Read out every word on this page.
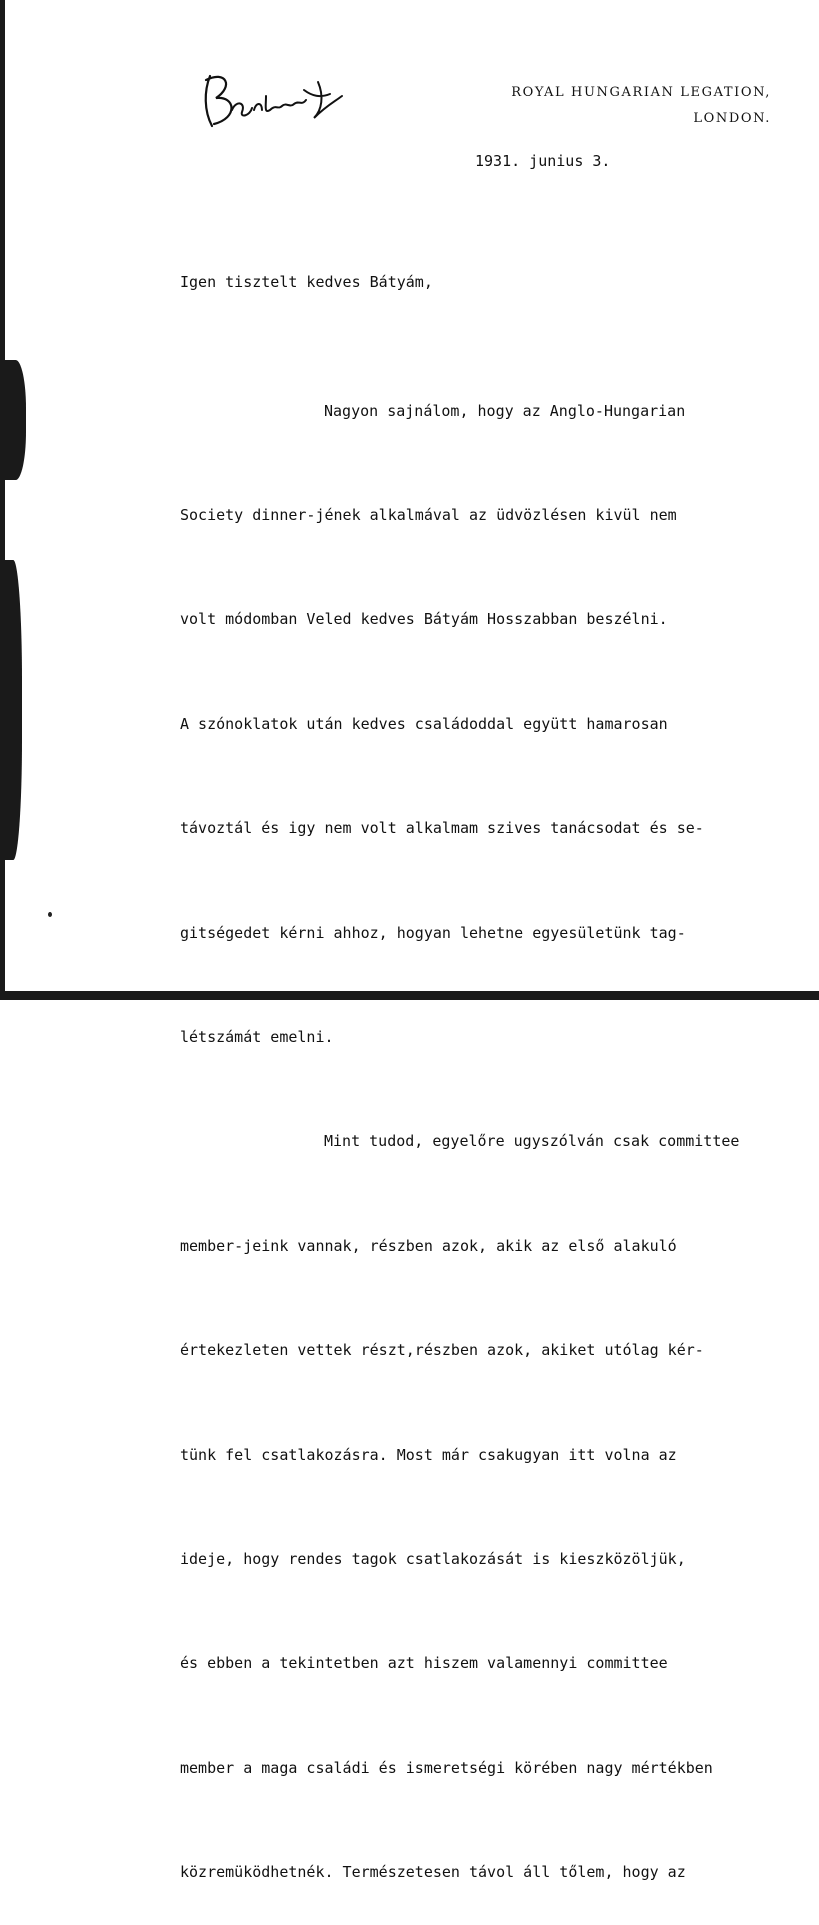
ROYAL HUNGARIAN LEGATION,
LONDON.
1931. junius 3.
Igen tisztelt kedves Bátyám,

Nagyon sajnálom, hogy az Anglo-Hungarian

Society dinner-jének alkalmával az üdvözlésen kivül nem

volt módomban Veled kedves Bátyám Hosszabban beszélni.

A szónoklatok után kedves családoddal együtt hamarosan

távoztál és igy nem volt alkalmam szives tanácsodat és se-

gitségedet kérni ahhoz, hogyan lehetne egyesületünk tag-

létszámát emelni.

Mint tudod, egyelőre ugyszólván csak committee

member-jeink vannak, részben azok, akik az első alakuló

értekezleten vettek részt,részben azok, akiket utólag kér-

tünk fel csatlakozásra. Most már csakugyan itt volna az

ideje, hogy rendes tagok csatlakozását is kieszközöljük,

és ebben a tekintetben azt hiszem valamennyi committee

member a maga családi és ismeretségi körében nagy mértékben

közremüködhetnék. Természetesen távol áll tőlem, hogy az
